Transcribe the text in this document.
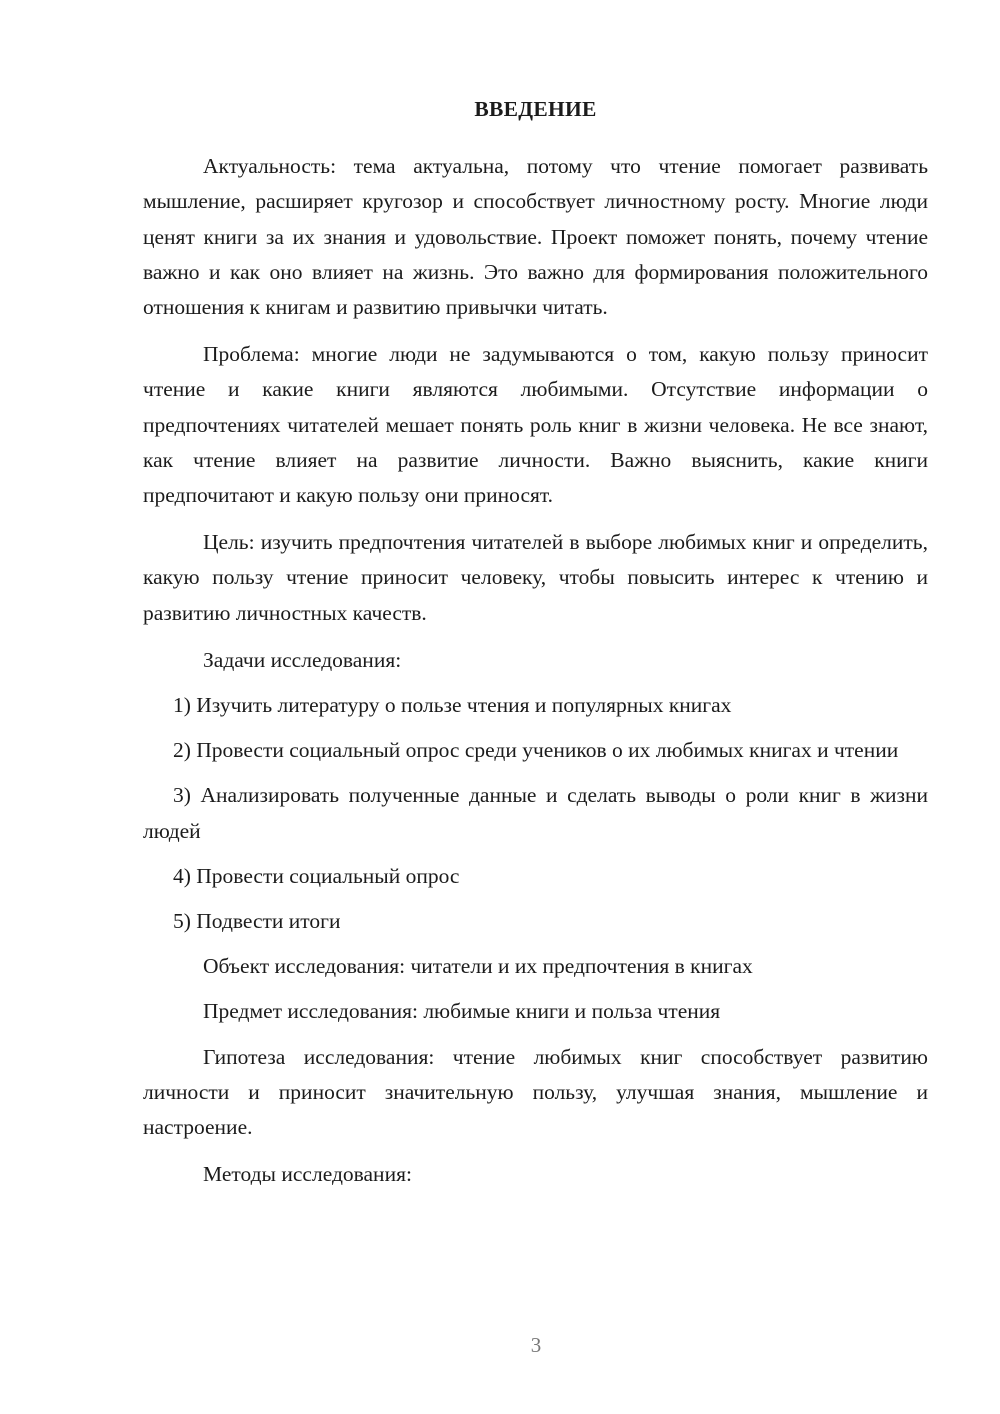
ВВЕДЕНИЕ

Актуальность: тема актуальна, потому что чтение помогает развивать мышление, расширяет кругозор и способствует личностному росту. Многие люди ценят книги за их знания и удовольствие. Проект поможет понять, почему чтение важно и как оно влияет на жизнь. Это важно для формирования положительного отношения к книгам и развитию привычки читать.

Проблема: многие люди не задумываются о том, какую пользу приносит чтение и какие книги являются любимыми. Отсутствие информации о предпочтениях читателей мешает понять роль книг в жизни человека. Не все знают, как чтение влияет на развитие личности. Важно выяснить, какие книги предпочитают и какую пользу они приносят.

Цель: изучить предпочтения читателей в выборе любимых книг и определить, какую пользу чтение приносит человеку, чтобы повысить интерес к чтению и развитию личностных качеств.

Задачи исследования:

1) Изучить литературу о пользе чтения и популярных книгах

2) Провести социальный опрос среди учеников о их любимых книгах и чтении

3) Анализировать полученные данные и сделать выводы о роли книг в жизни людей

4) Провести социальный опрос

5) Подвести итоги

Объект исследования: читатели и их предпочтения в книгах

Предмет исследования: любимые книги и польза чтения

Гипотеза исследования: чтение любимых книг способствует развитию личности и приносит значительную пользу, улучшая знания, мышление и настроение.

Методы исследования:

3
